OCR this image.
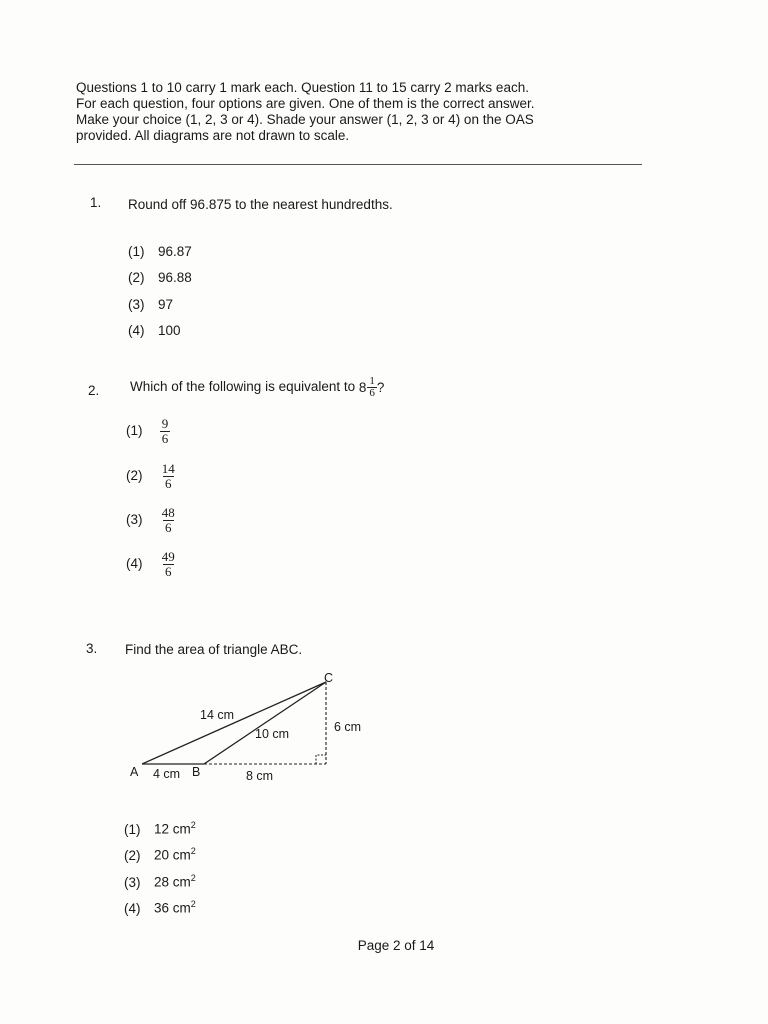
Questions 1 to 10 carry 1 mark each. Question 11 to 15 carry 2 marks each.
For each question, four options are given. One of them is the correct answer.
Make your choice (1, 2, 3 or 4). Shade your answer (1, 2, 3 or 4) on the OAS
provided. All diagrams are not drawn to scale.
1. Round off 96.875 to the nearest hundredths.
(1) 96.87
(2) 96.88
(3) 97
(4) 100
2. Which of the following is equivalent to $8 \frac{1}{6}$ ?
$(1) \frac{9}{6}$
$(2) \frac{14}{6}$
$(3) \frac{48}{6}$
$(4) \frac{49}{6}$
3. Find the area of triangle ABC.
A	B
C
14 cm
10 cm	6 cm
4 cm	8 cm
(1) 12 $cm^2$
(2) 20 $cm^2$
(3) 28 $cm^2$
(4) 36 $cm^2$
Page 2 of 14
